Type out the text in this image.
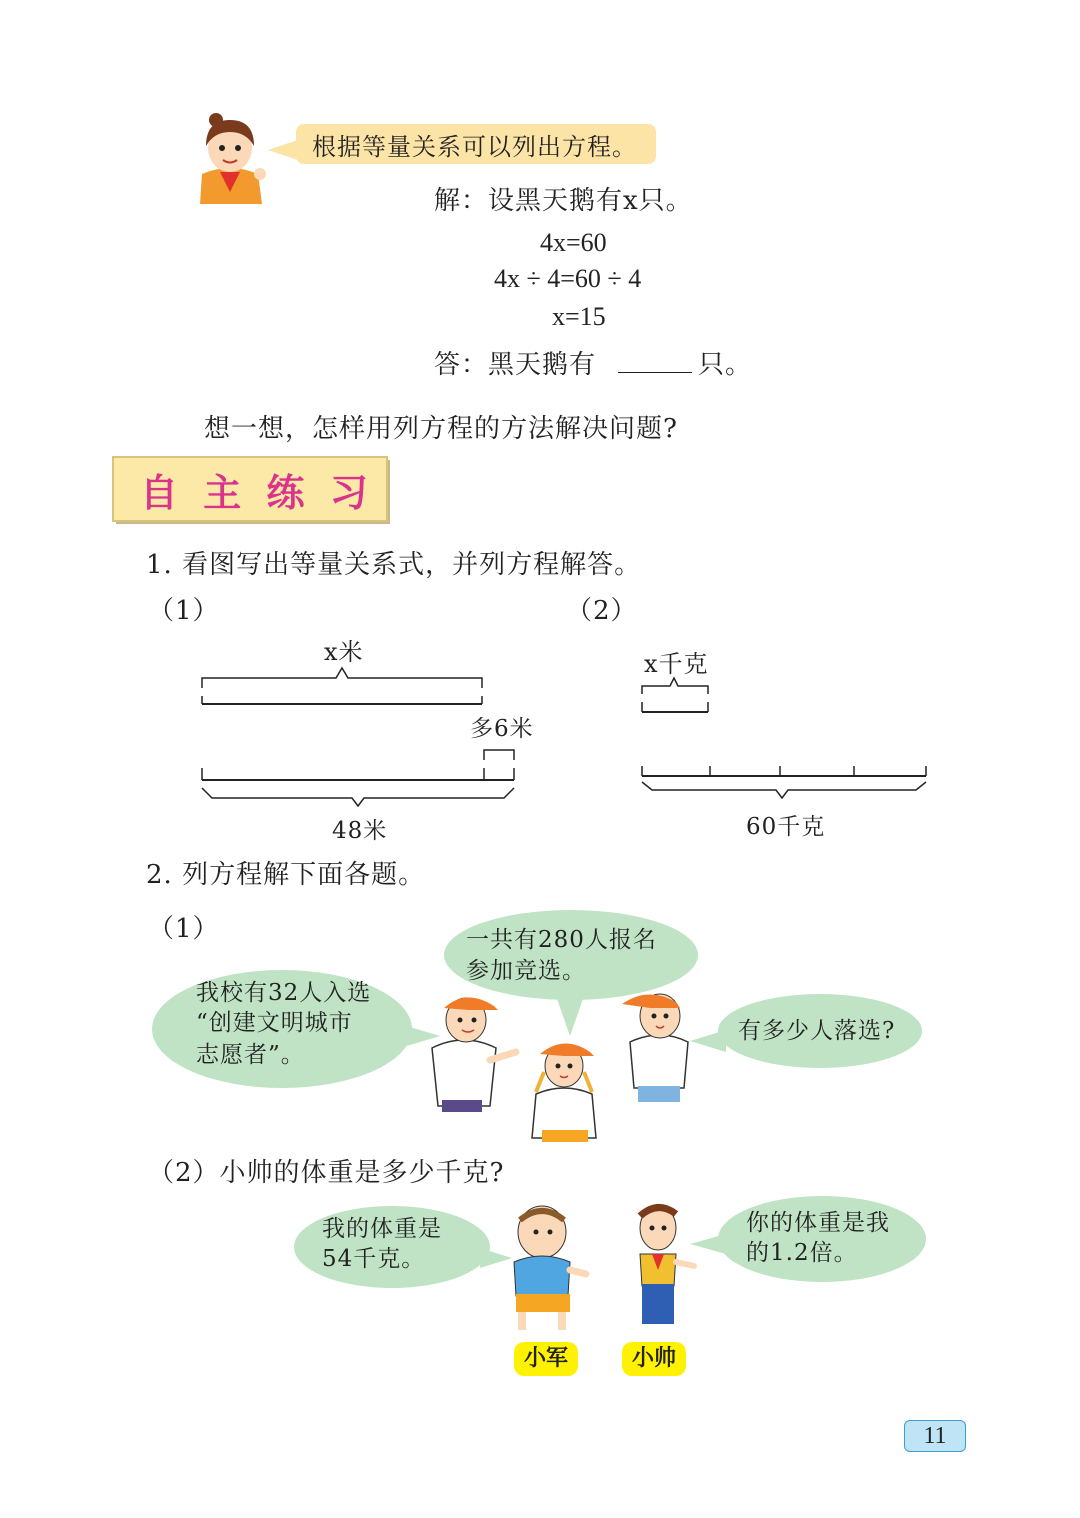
根据等量关系可以列出方程。
解：设黑天鹅有x只。
4x=60
4x ÷ 4=60 ÷ 4
x=15
答：黑天鹅有	只。
想一想，怎样用列方程的方法解决问题?
自 主 练 习
1. 看图写出等量关系式，并列方程解答。
（1）	（2）
x米
多6米
48米
x千克
60千克
2. 列方程解下面各题。
（1）
我校有32人入选
“创建文明城市
志愿者”。
一共有280人报名
参加竞选。
有多少人落选?
（2）小帅的体重是多少千克?
我的体重是
54千克。
你的体重是我
的1.2倍。
小军	小帅
11
